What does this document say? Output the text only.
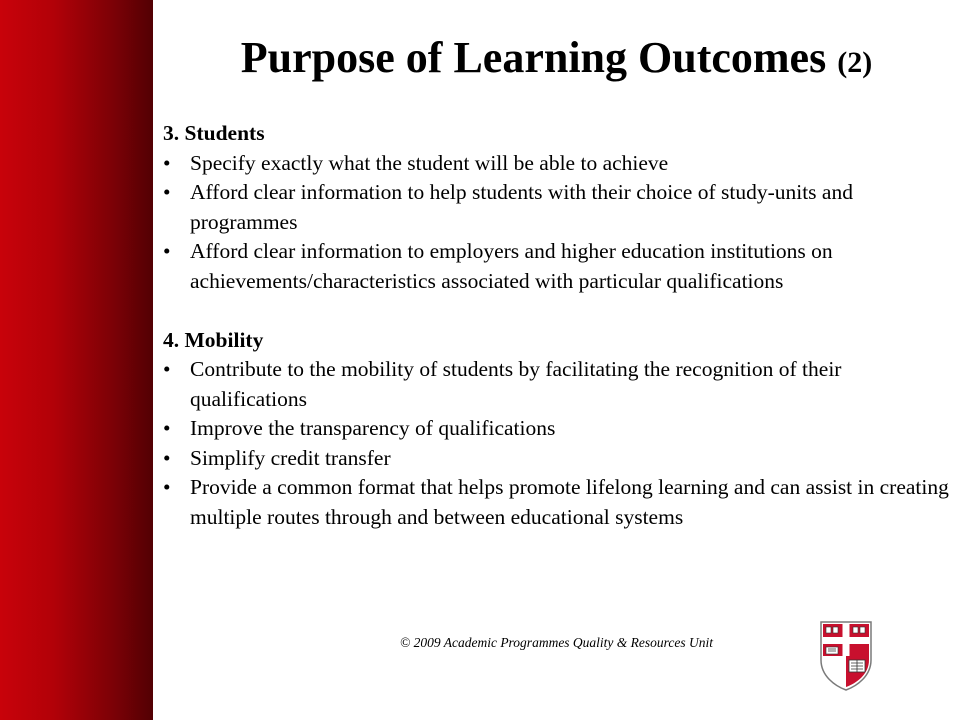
Purpose of Learning Outcomes (2)

3. Students

• Specify exactly what the student will be able to achieve
• Afford clear information to help students with their choice of study-units and programmes
• Afford clear information to employers and higher education institutions on achievements/characteristics associated with particular qualifications

4. Mobility

• Contribute to the mobility of students by facilitating the recognition of their qualifications
• Improve the transparency of qualifications
• Simplify credit transfer
• Provide a common format that helps promote lifelong learning and can assist in creating multiple routes through and between educational systems
© 2009 Academic Programmes Quality & Resources Unit
